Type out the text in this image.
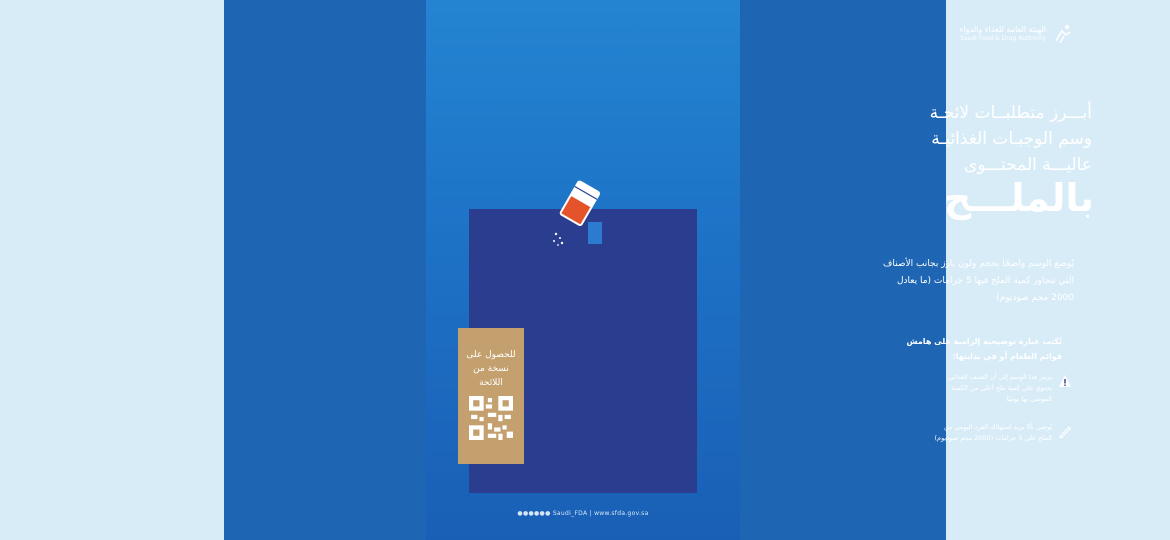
الهيئة العامة للغذاء والدواء
Saudi Food & Drug Authority
أبـــرز متطلبــات لائحـة
وسم الوجبـات الغذائيـة
عاليـــة المحتـــوى
بالملـــح
يُوضع الوسم واضحًا بحجم ولون بارز بجانب الأصناف التي تتجاوز كمية الملح فيها 5 جرامات (ما يعادل 2000 مجم صوديوم)
تُكتب عبارة توضيحية إلزامية على هامش قوائم الطعام أو في بدايتها:
يرمز هذا الوسم إلى أن الصنف الغذائي يحتوي على كمية ملح أعلى من الكمية الموصى بها يوميًا
يُوصى بألا يزيد استهلاك الفرد اليومي من الملح على 5 جرامات (2000 مجم صوديوم)
للحصول على نسخة من اللائحة
●●●●●● Saudi_FDA | www.sfda.gov.sa
